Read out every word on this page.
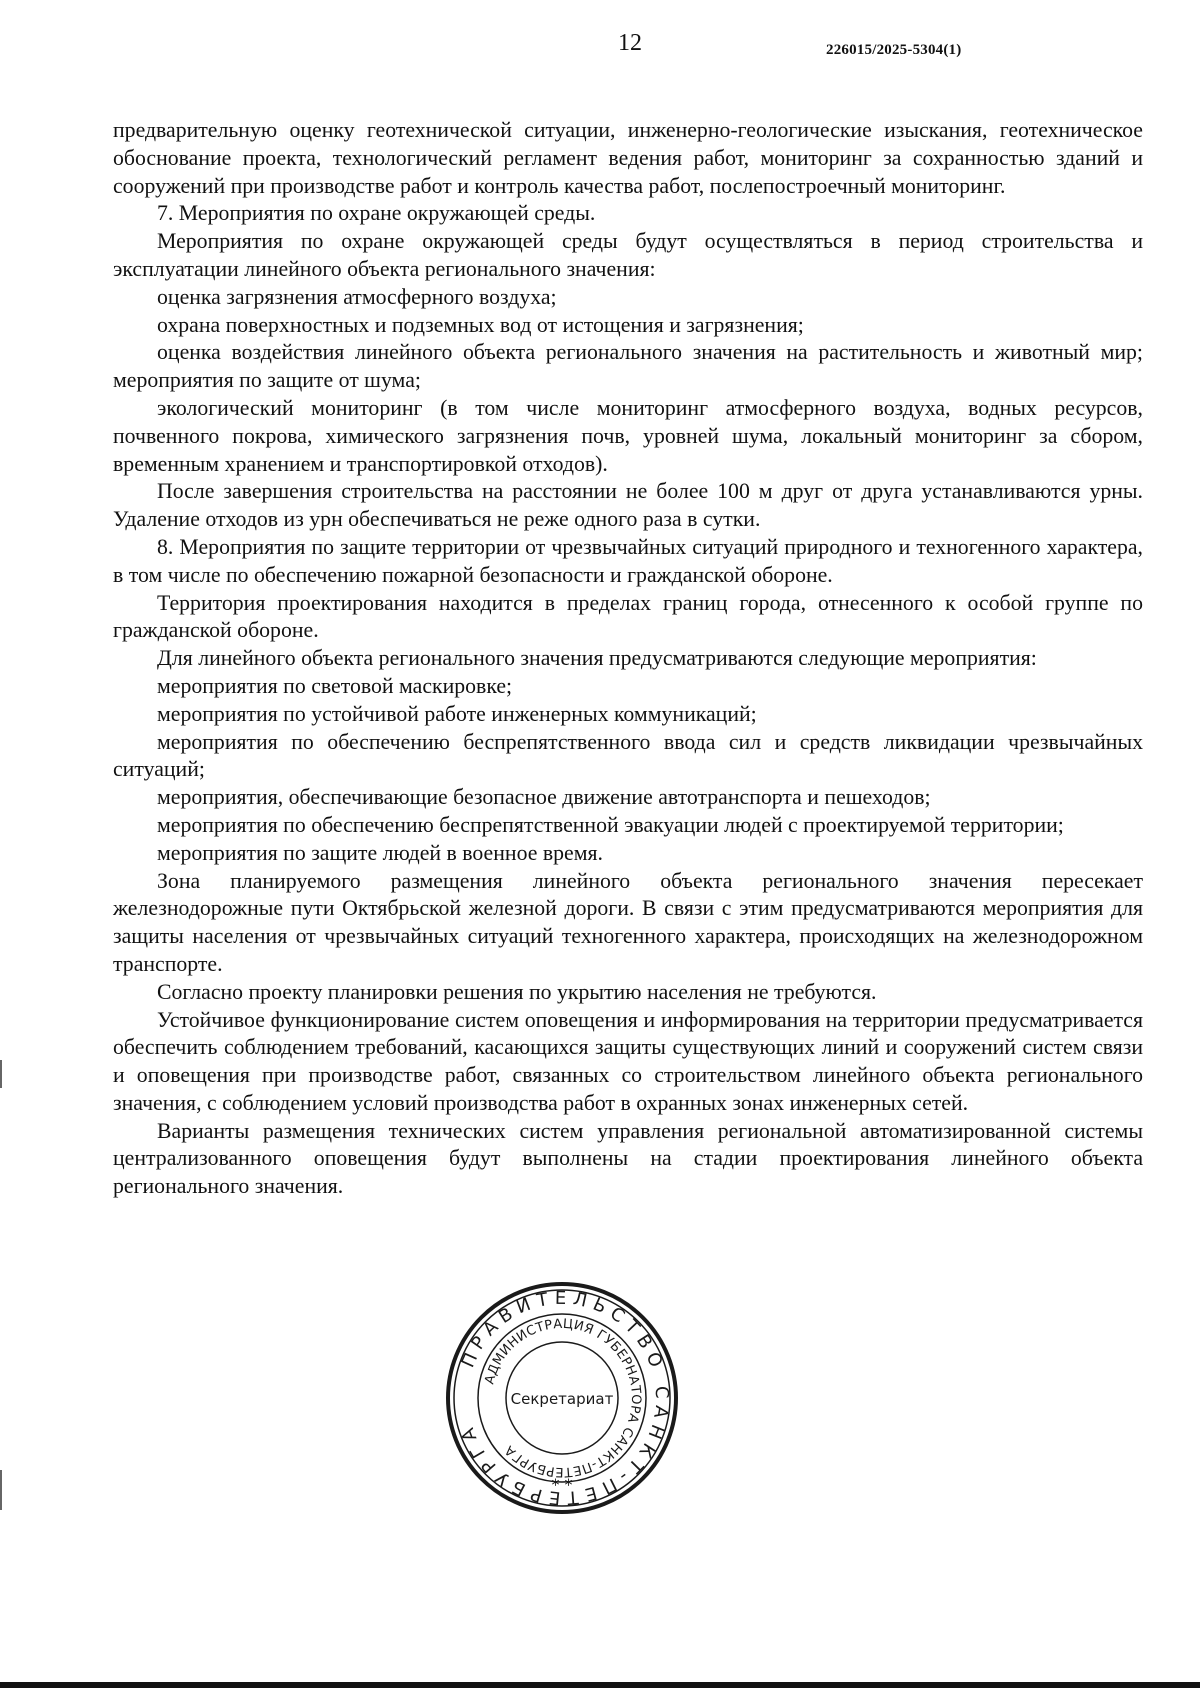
12	226015/2025-5304(1)

предварительную оценку геотехнической ситуации, инженерно-геологические изыскания, геотехническое обоснование проекта, технологический регламент ведения работ, мониторинг за сохранностью зданий и сооружений при производстве работ и контроль качества работ, послепостроечный мониторинг.

7. Мероприятия по охране окружающей среды.

Мероприятия по охране окружающей среды будут осуществляться в период строительства и эксплуатации линейного объекта регионального значения:

оценка загрязнения атмосферного воздуха;

охрана поверхностных и подземных вод от истощения и загрязнения;

оценка воздействия линейного объекта регионального значения на растительность и животный мир; мероприятия по защите от шума;

экологический мониторинг (в том числе мониторинг атмосферного воздуха, водных ресурсов, почвенного покрова, химического загрязнения почв, уровней шума, локальный мониторинг за сбором, временным хранением и транспортировкой отходов).

После завершения строительства на расстоянии не более 100 м друг от друга устанавливаются урны. Удаление отходов из урн обеспечиваться не реже одного раза в сутки.

8. Мероприятия по защите территории от чрезвычайных ситуаций природного и техногенного характера, в том числе по обеспечению пожарной безопасности и гражданской обороне.

Территория проектирования находится в пределах границ города, отнесенного к особой группе по гражданской обороне.

Для линейного объекта регионального значения предусматриваются следующие мероприятия:

мероприятия по световой маскировке;

мероприятия по устойчивой работе инженерных коммуникаций;

мероприятия по обеспечению беспрепятственного ввода сил и средств ликвидации чрезвычайных ситуаций;

мероприятия, обеспечивающие безопасное движение автотранспорта и пешеходов;

мероприятия по обеспечению беспрепятственной эвакуации людей с проектируемой территории;

мероприятия по защите людей в военное время.

Зона планируемого размещения линейного объекта регионального значения пересекает железнодорожные пути Октябрьской железной дороги. В связи с этим предусматриваются мероприятия для защиты населения от чрезвычайных ситуаций техногенного характера, происходящих на железнодорожном транспорте.

Согласно проекту планировки решения по укрытию населения не требуются.

Устойчивое функционирование систем оповещения и информирования на территории предусматривается обеспечить соблюдением требований, касающихся защиты существующих линий и сооружений систем связи и оповещения при производстве работ, связанных со строительством линейного объекта регионального значения, с соблюдением условий производства работ в охранных зонах инженерных сетей.

Варианты размещения технических систем управления региональной автоматизированной системы централизованного оповещения будут выполнены на стадии проектирования линейного объекта регионального значения.

ПРАВИТЕЛЬСТВО САНКТ-ПЕТЕРБУРГА
АДМИНИСТРАЦИЯ ГУБЕРНАТОРА САНКТ-ПЕТЕРБУРГА
Секретариат
* *
